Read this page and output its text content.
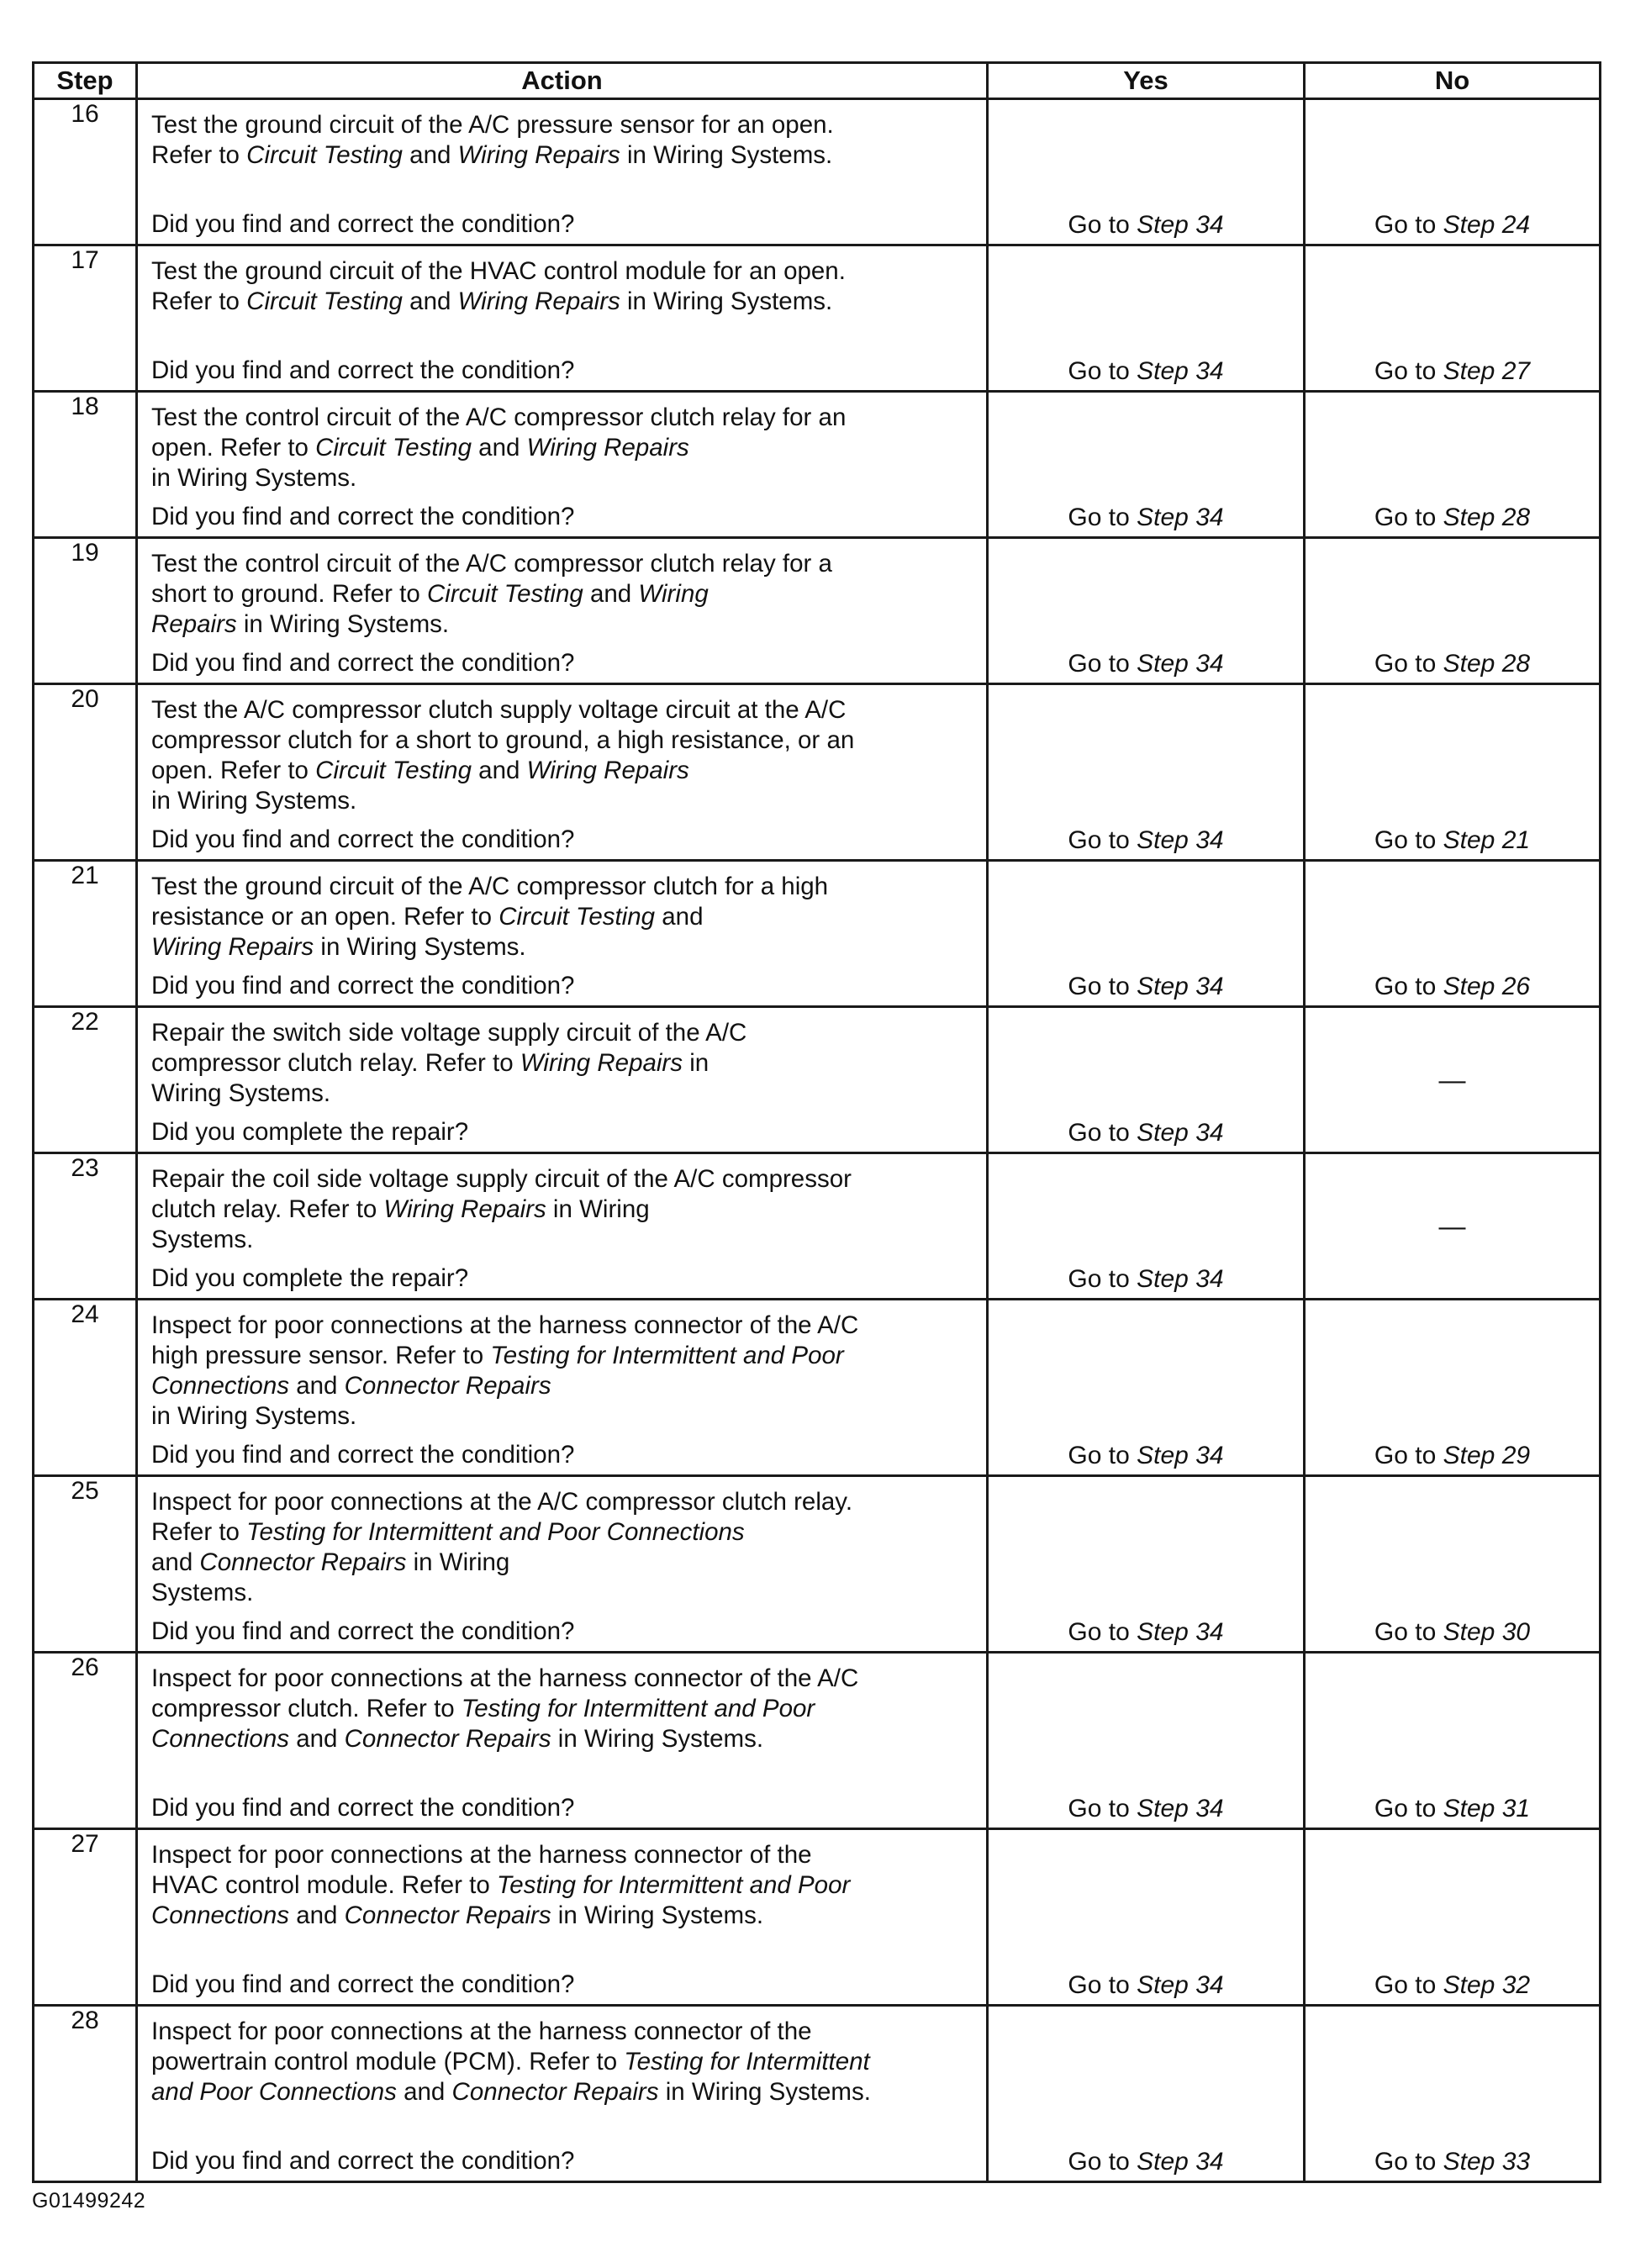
Step	Action	Yes	No
16	Test the ground circuit of the A/C pressure sensor for an open.
Refer to Circuit Testing and Wiring Repairs in Wiring Systems.
Did you find and correct the condition?	Go to Step 34	Go to Step 24

17	Test the ground circuit of the HVAC control module for an open.
Refer to Circuit Testing and Wiring Repairs in Wiring Systems.
Did you find and correct the condition?	Go to Step 34	Go to Step 27

18	Test the control circuit of the A/C compressor clutch relay for an
open. Refer to Circuit Testing and Wiring Repairs
in Wiring Systems.
Did you find and correct the condition?	Go to Step 34	Go to Step 28

19	Test the control circuit of the A/C compressor clutch relay for a
short to ground. Refer to Circuit Testing and Wiring
Repairs in Wiring Systems.
Did you find and correct the condition?	Go to Step 34	Go to Step 28

20	Test the A/C compressor clutch supply voltage circuit at the A/C
compressor clutch for a short to ground, a high resistance, or an
open. Refer to Circuit Testing and Wiring Repairs
in Wiring Systems.
Did you find and correct the condition?	Go to Step 34	Go to Step 21

21	Test the ground circuit of the A/C compressor clutch for a high
resistance or an open. Refer to Circuit Testing and
Wiring Repairs in Wiring Systems.
Did you find and correct the condition?	Go to Step 34	Go to Step 26

22	Repair the switch side voltage supply circuit of the A/C
compressor clutch relay. Refer to Wiring Repairs in
Wiring Systems.
Did you complete the repair?	Go to Step 34	—

23	Repair the coil side voltage supply circuit of the A/C compressor
clutch relay. Refer to Wiring Repairs in Wiring
Systems.
Did you complete the repair?	Go to Step 34	—

24	Inspect for poor connections at the harness connector of the A/C
high pressure sensor. Refer to Testing for Intermittent and Poor
Connections and Connector Repairs
in Wiring Systems.
Did you find and correct the condition?	Go to Step 34	Go to Step 29

25	Inspect for poor connections at the A/C compressor clutch relay.
Refer to Testing for Intermittent and Poor Connections
and Connector Repairs in Wiring
Systems.
Did you find and correct the condition?	Go to Step 34	Go to Step 30

26	Inspect for poor connections at the harness connector of the A/C
compressor clutch. Refer to Testing for Intermittent and Poor
Connections and Connector Repairs in Wiring Systems.
Did you find and correct the condition?	Go to Step 34	Go to Step 31

27	Inspect for poor connections at the harness connector of the
HVAC control module. Refer to Testing for Intermittent and Poor
Connections and Connector Repairs in Wiring Systems.
Did you find and correct the condition?	Go to Step 34	Go to Step 32

28	Inspect for poor connections at the harness connector of the
powertrain control module (PCM). Refer to Testing for Intermittent
and Poor Connections and Connector Repairs in Wiring Systems.
Did you find and correct the condition?	Go to Step 34	Go to Step 33
G01499242
